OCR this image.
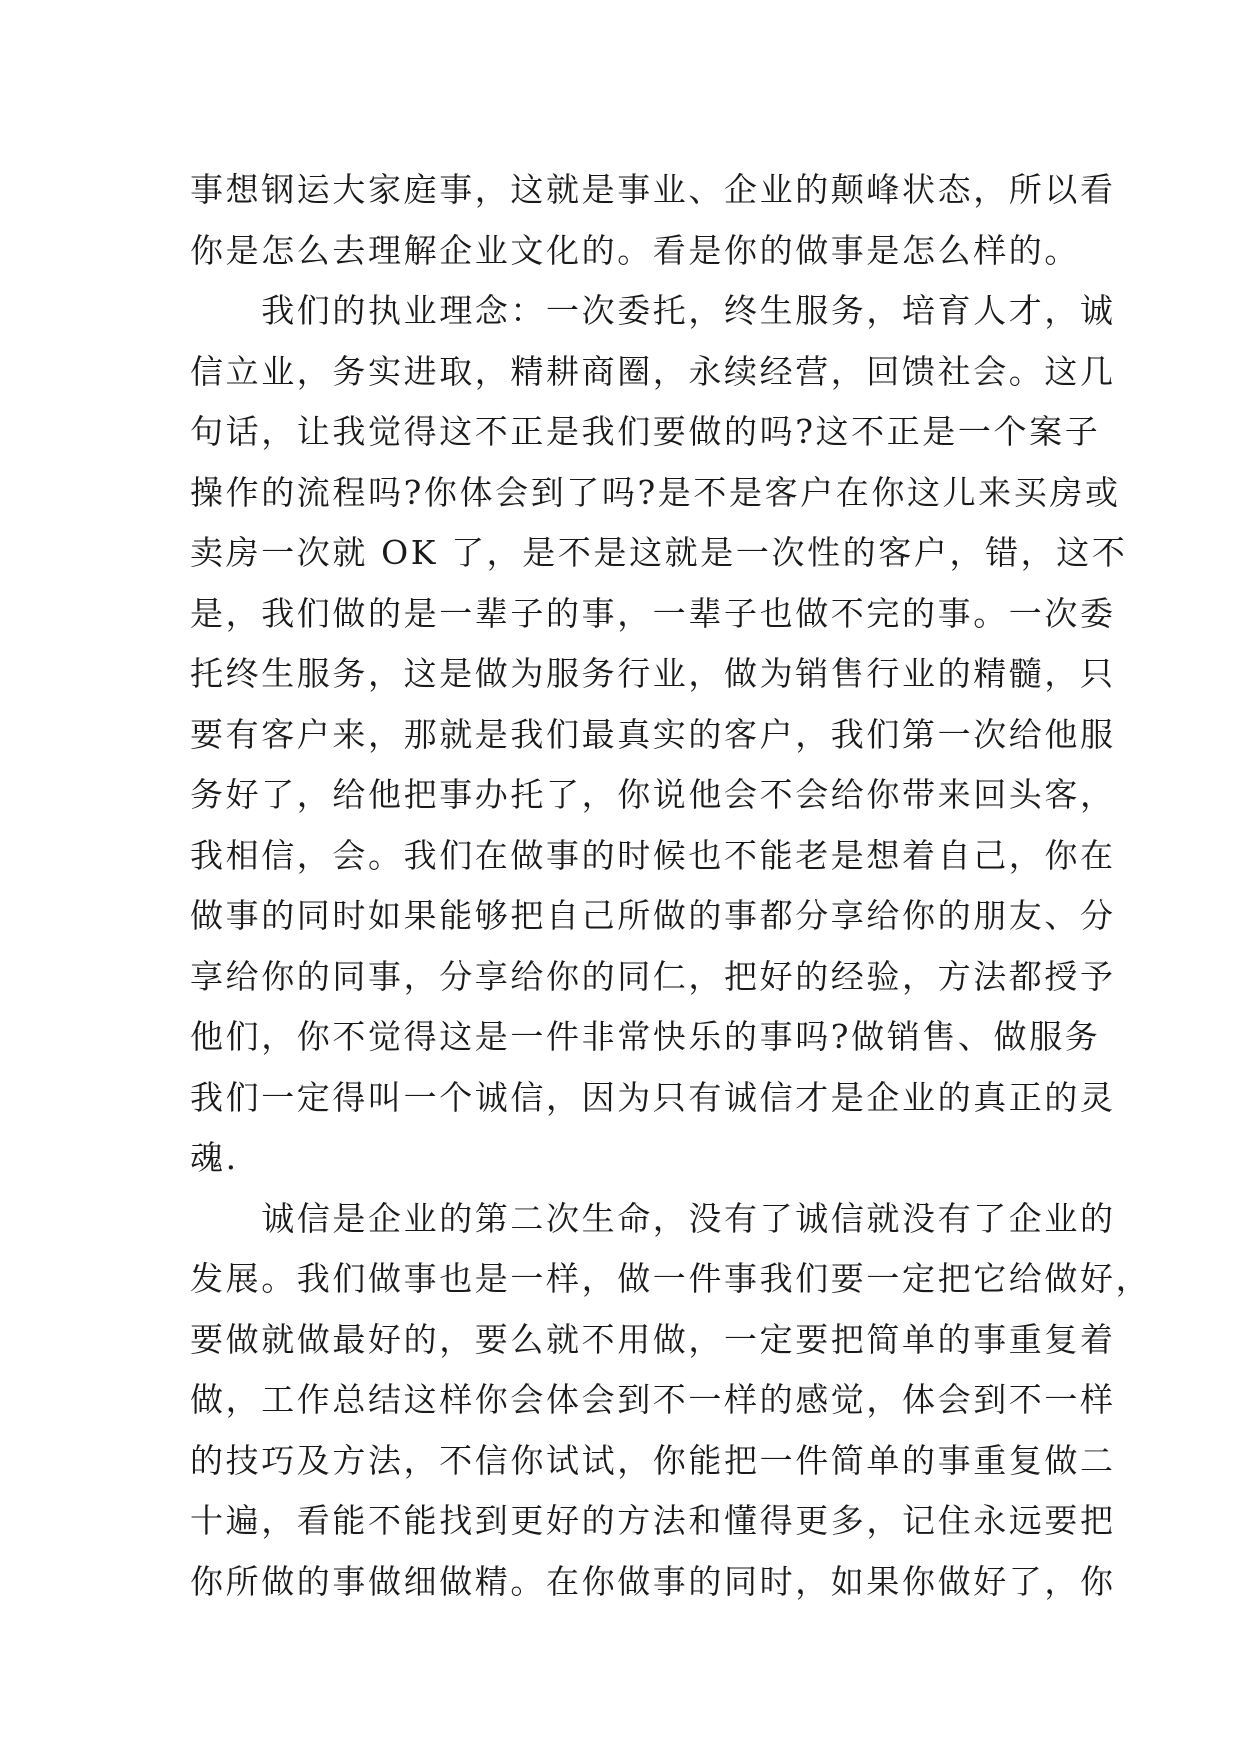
事想钢运大家庭事，这就是事业、企业的颠峰状态，所以看
你是怎么去理解企业文化的。看是你的做事是怎么样的。
　　我们的执业理念：一次委托，终生服务，培育人才，诚
信立业，务实进取，精耕商圈，永续经营，回馈社会。这几
句话，让我觉得这不正是我们要做的吗?这不正是一个案子
操作的流程吗?你体会到了吗?是不是客户在你这儿来买房或
卖房一次就 OK 了，是不是这就是一次性的客户，错，这不
是，我们做的是一辈子的事，一辈子也做不完的事。一次委
托终生服务，这是做为服务行业，做为销售行业的精髓，只
要有客户来，那就是我们最真实的客户，我们第一次给他服
务好了，给他把事办托了，你说他会不会给你带来回头客，
我相信，会。我们在做事的时候也不能老是想着自己，你在
做事的同时如果能够把自己所做的事都分享给你的朋友、分
享给你的同事，分享给你的同仁，把好的经验，方法都授予
他们，你不觉得这是一件非常快乐的事吗?做销售、做服务
我们一定得叫一个诚信，因为只有诚信才是企业的真正的灵
魂.
　　诚信是企业的第二次生命，没有了诚信就没有了企业的
发展。我们做事也是一样，做一件事我们要一定把它给做好，
要做就做最好的，要么就不用做，一定要把简单的事重复着
做，工作总结这样你会体会到不一样的感觉，体会到不一样
的技巧及方法，不信你试试，你能把一件简单的事重复做二
十遍，看能不能找到更好的方法和懂得更多，记住永远要把
你所做的事做细做精。在你做事的同时，如果你做好了，你
